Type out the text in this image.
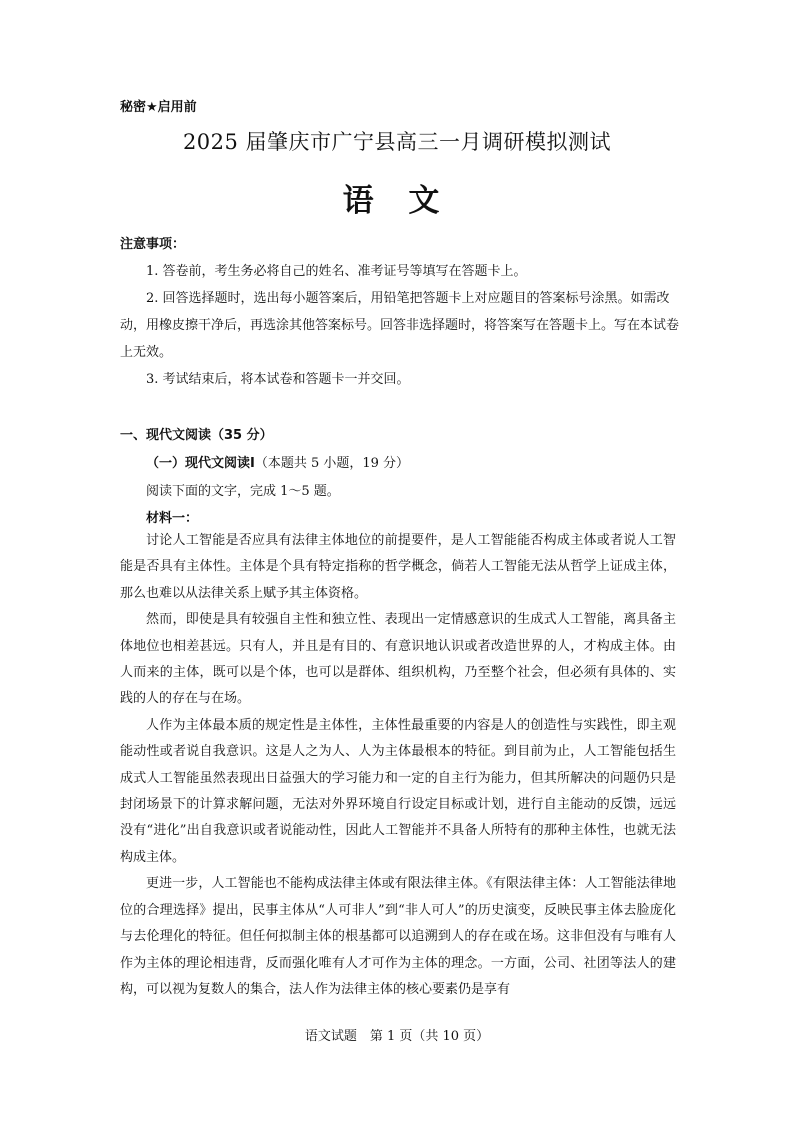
秘密★启用前
2025 届肇庆市广宁县高三一月调研模拟测试
语 文
注意事项：

1. 答卷前，考生务必将自己的姓名、准考证号等填写在答题卡上。

2. 回答选择题时，选出每小题答案后，用铅笔把答题卡上对应题目的答案标号涂黑。如需改动，用橡皮擦干净后，再选涂其他答案标号。回答非选择题时，将答案写在答题卡上。写在本试卷上无效。

3. 考试结束后，将本试卷和答题卡一并交回。

一、现代文阅读（35 分）
（一）现代文阅读I（本题共 5 小题，19 分）
阅读下面的文字，完成 1～5 题。
材料一：

讨论人工智能是否应具有法律主体地位的前提要件，是人工智能能否构成主体或者说人工智能是否具有主体性。主体是个具有特定指称的哲学概念，倘若人工智能无法从哲学上证成主体，那么也难以从法律关系上赋予其主体资格。

然而，即使是具有较强自主性和独立性、表现出一定情感意识的生成式人工智能，离具备主体地位也相差甚远。只有人，并且是有目的、有意识地认识或者改造世界的人，才构成主体。由人而来的主体，既可以是个体，也可以是群体、组织机构，乃至整个社会，但必须有具体的、实践的人的存在与在场。

人作为主体最本质的规定性是主体性，主体性最重要的内容是人的创造性与实践性，即主观能动性或者说自我意识。这是人之为人、人为主体最根本的特征。到目前为止，人工智能包括生成式人工智能虽然表现出日益强大的学习能力和一定的自主行为能力，但其所解决的问题仍只是封闭场景下的计算求解问题，无法对外界环境自行设定目标或计划，进行自主能动的反馈，远远没有“进化”出自我意识或者说能动性，因此人工智能并不具备人所特有的那种主体性，也就无法构成主体。

更进一步，人工智能也不能构成法律主体或有限法律主体。《有限法律主体：人工智能法律地位的合理选择》提出，民事主体从“人可非人”到“非人可人”的历史演变，反映民事主体去脸庞化与去伦理化的特征。但任何拟制主体的根基都可以追溯到人的存在或在场。这非但没有与唯有人作为主体的理论相违背，反而强化唯有人才可作为主体的理念。一方面，公司、社团等法人的建构，可以视为复数人的集合，法人作为法律主体的核心要素仍是享有

语文试题　第 1 页（共 10 页）
